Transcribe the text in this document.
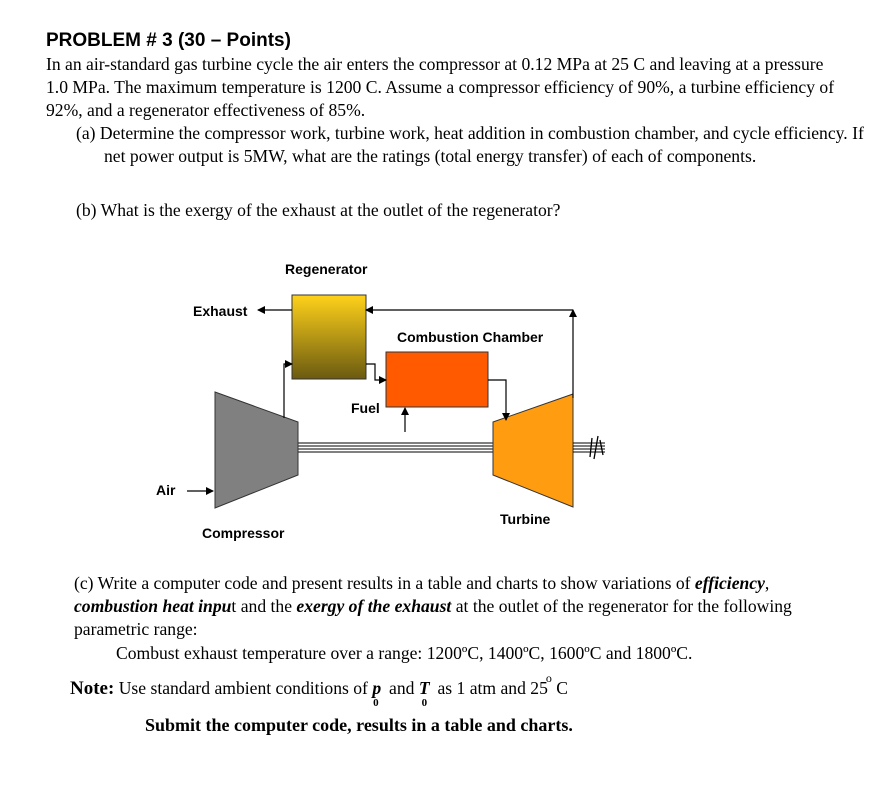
PROBLEM # 3 (30 – Points)
In an air-standard gas turbine cycle the air enters the compressor at 0.12 MPa at 25 C and leaving at a pressure 1.0 MPa. The maximum temperature is 1200 C. Assume a compressor efficiency of 90%, a turbine efficiency of 92%, and a regenerator effectiveness of 85%.
(a) Determine the compressor work, turbine work, heat addition in combustion chamber, and cycle efficiency. If net power output is 5MW, what are the ratings (total energy transfer) of each of components.
(b) What is the exergy of the exhaust at the outlet of the regenerator?
Regenerator
Exhaust
Combustion Chamber
Fuel
Air
Compressor
Turbine
(c) Write a computer code and present results in a table and charts to show variations of efficiency, combustion heat input and the exergy of the exhaust at the outlet of the regenerator for the following parametric range:
Combust exhaust temperature over a range: 1200ºC, 1400ºC, 1600ºC and 1800ºC.
Note: Use standard ambient conditions of $p_0$ and $T_0$ as 1 atm and 25$^o$ C
Submit the computer code, results in a table and charts.
